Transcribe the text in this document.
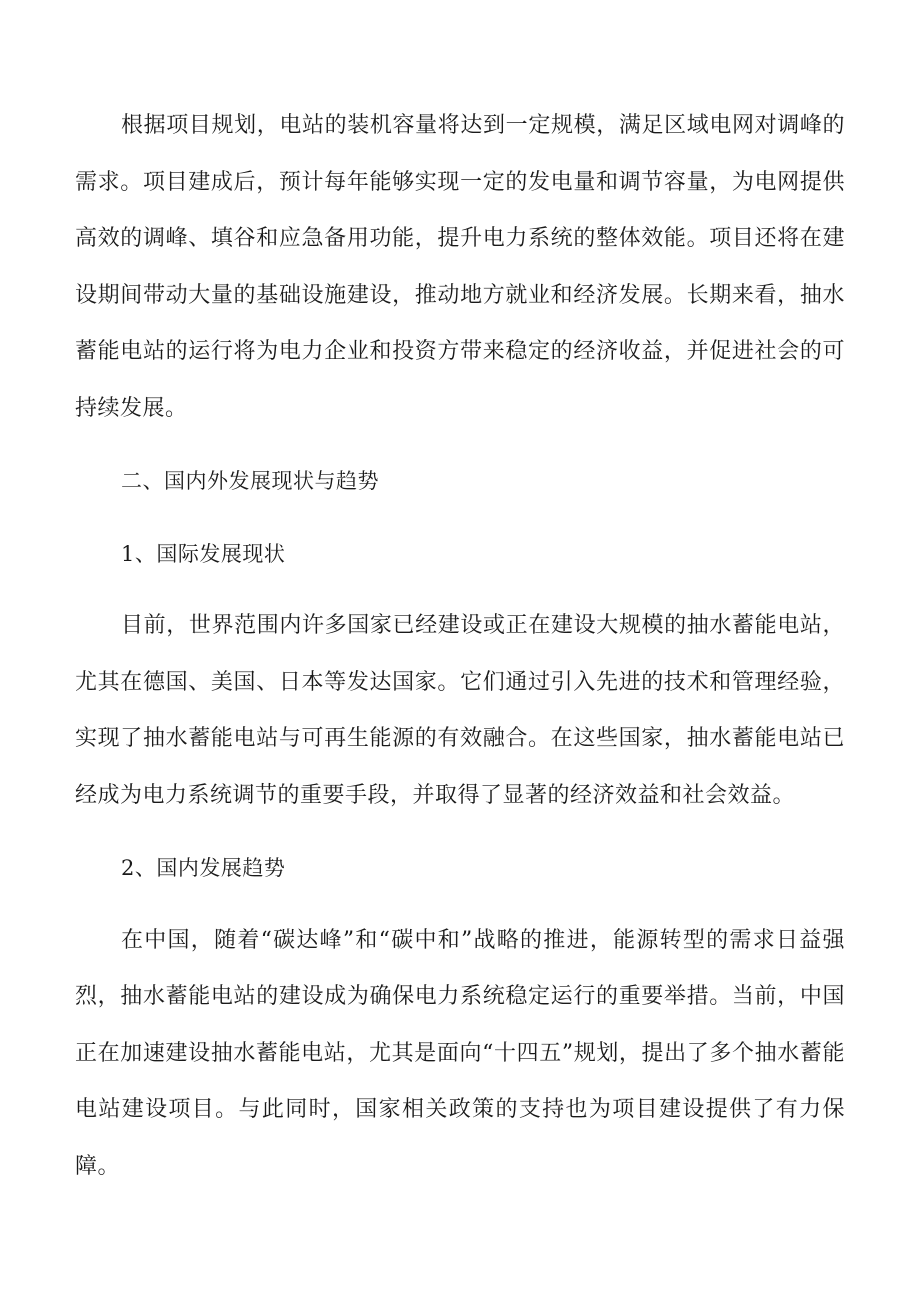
根据项目规划，电站的装机容量将达到一定规模，满足区域电网对调峰的需求。项目建成后，预计每年能够实现一定的发电量和调节容量，为电网提供高效的调峰、填谷和应急备用功能，提升电力系统的整体效能。项目还将在建设期间带动大量的基础设施建设，推动地方就业和经济发展。长期来看，抽水蓄能电站的运行将为电力企业和投资方带来稳定的经济收益，并促进社会的可持续发展。

二、国内外发展现状与趋势

1、国际发展现状

目前，世界范围内许多国家已经建设或正在建设大规模的抽水蓄能电站，尤其在德国、美国、日本等发达国家。它们通过引入先进的技术和管理经验，实现了抽水蓄能电站与可再生能源的有效融合。在这些国家，抽水蓄能电站已经成为电力系统调节的重要手段，并取得了显著的经济效益和社会效益。

2、国内发展趋势

在中国，随着“碳达峰”和“碳中和”战略的推进，能源转型的需求日益强烈，抽水蓄能电站的建设成为确保电力系统稳定运行的重要举措。当前，中国正在加速建设抽水蓄能电站，尤其是面向“十四五”规划，提出了多个抽水蓄能电站建设项目。与此同时，国家相关政策的支持也为项目建设提供了有力保障。
